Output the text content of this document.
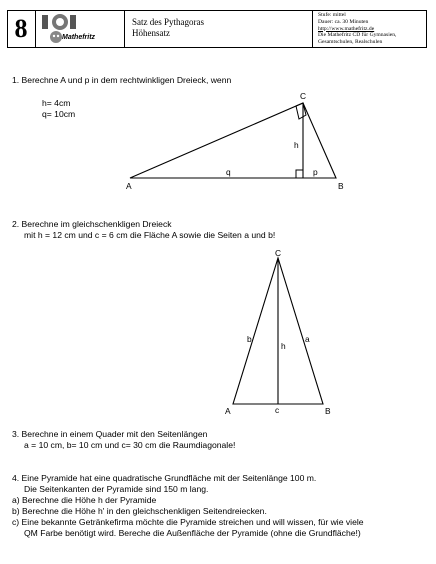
8	Mathefritz
Satz des Pythagoras
Höhensatz
Stufe: mittel
Dauer: ca. 30 Minuten
http://www.mathefritz.de
Die Mathefritz CD für Gymnasien,
Gesamtschulen, Realschulen
1. Berechne A und p in dem rechtwinkligen Dreieck, wenn
h= 4cm
q= 10cm
A	B
C
h
q	p
2. Berechne im gleichschenkligen Dreieck
mit h = 12 cm und c = 6 cm die Fläche A sowie die Seiten a und b!
C
A	B
c
b	a
h
3. Berechne in einem Quader mit den Seitenlängen
a = 10 cm, b= 10 cm und c= 30 cm die Raumdiagonale!
4. Eine Pyramide hat eine quadratische Grundfläche mit der Seitenlänge 100 m.
Die Seitenkanten der Pyramide sind 150 m lang.
a) Berechne die Höhe h der Pyramide
b) Berechne die Höhe h' in den gleichschenkligen Seitendreiecken.
c) Eine bekannte Getränkefirma möchte die Pyramide streichen und will wissen, für wie viele
QM Farbe benötigt wird. Bereche die Außenfläche der Pyramide (ohne die Grundfläche!)
